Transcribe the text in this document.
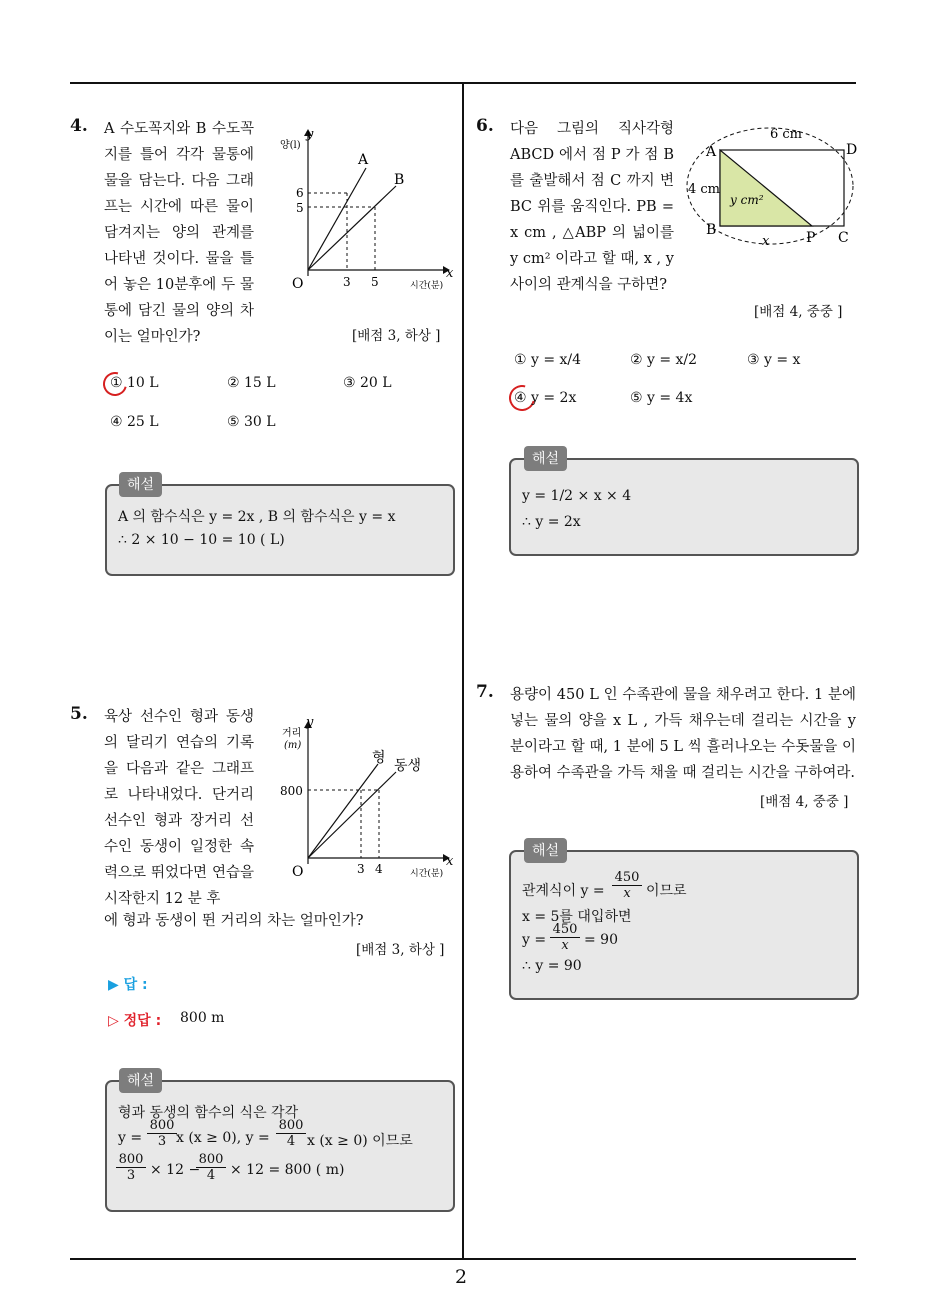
2
4. A 수도꼭지와 B 수도꼭지를 틀어 각각 물통에 물을 담는다. 다음 그래프는 시간에 따른 물이 담겨지는 양의 관계를 나타낸 것이다. 물을 틀어 놓은 10분후에 두 물통에 담긴 물의 양의 차이는 얼마인가?
양(l)
y
x
시간(분)
O
A
B
6
5
3 5
[배점 3, 하상 ]
① 10 L	② 15 L	③ 20 L
④ 25 L	⑤ 30 L
해설
A 의 함수식은 y = 2x , B 의 함수식은 y = x
∴ 2 × 10 − 10 = 10 ( L)
5. 육상 선수인 형과 동생의 달리기 연습의 기록을 다음과 같은 그래프로 나타내었다. 단거리 선수인 형과 장거리 선수인 동생이 일정한 속력으로 뛰었다면 연습을 시작한지 12 분 후
에 형과 동생이 뛴 거리의 차는 얼마인가?
거리
(m)
y
x
시간(분)
O
형 동생
800
3 4
[배점 3, 하상 ]
▶ 답 :
▷ 정답 : 800 m
해설
형과 동생의 함수의 식은 각각
$y = \frac{800}{3}$ x (x ≥ 0), $y = \frac{800}{4}$ x (x ≥ 0) 이므로
$\frac{800}{3} \times 12$ −
$\frac{800}{4} \times 12 = 800$ ( m)
6. 다음 그림의 직사각형 ABCD 에서 점 P 가 점 B 를 출발해서 점 C 까지 변 BC 위를 움직인다. PB = x cm , △ABP 의 넓이를 y cm² 이라고 할 때, x , y 사이의 관계식을 구하면?
6 cm
4 cm
A	D
B	P C
y cm²
x
[배점 4, 중중 ]
① y = x/4	② y = x/2	③ y = x
④ y = 2x	⑤ y = 4x
해설
y = 1/2 × x × 4
∴ y = 2x
7. 용량이 450 L 인 수족관에 물을 채우려고 한다. 1 분에 넣는 물의 양을 x L , 가득 채우는데 걸리는 시간을 y 분이라고 할 때, 1 분에 5 L 씩 흘러나오는 수돗물을 이용하여 수족관을 가득 채울 때 걸리는 시간을 구하여라.
[배점 4, 중중 ]
해설
관계식이 $y = \frac{450}{x}$ 이므로
x = 5를 대입하면
$y = \frac{450}{x} = 90$
∴ y = 90
